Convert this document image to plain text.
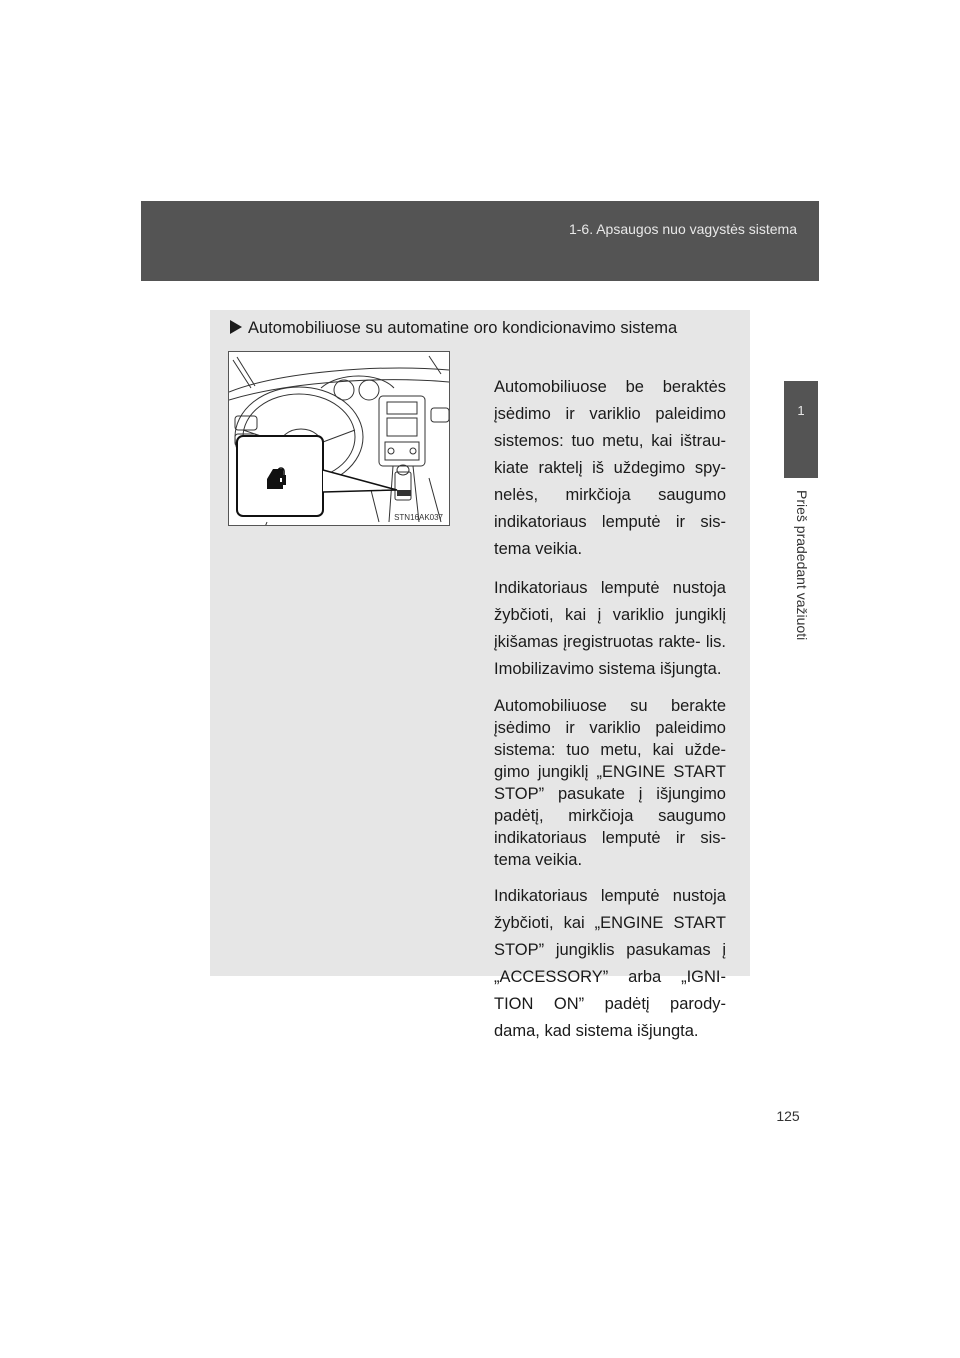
1-6. Apsaugos nuo vagystės sistema
1
Prieš pradedant važiuoti
Automobiliuose su automatine oro kondicionavimo sistema
STN16AK037

Automobiliuose be beraktės įsėdimo ir variklio paleidimo sistemos: tuo metu, kai ištrau- kiate raktelį iš uždegimo spy- nelės, mirkčioja saugumo indikatoriaus lemputė ir sis- tema veikia.

Indikatoriaus lemputė nustoja žybčioti, kai į variklio jungiklį įkišamas įregistruotas rakte- lis. Imobilizavimo sistema išjungta.

Automobiliuose su berakte įsėdimo ir variklio paleidimo sistema: tuo metu, kai užde- gimo jungiklį „ENGINE START STOP” pasukate į išjungimo padėtį, mirkčioja saugumo indikatoriaus lemputė ir sis- tema veikia.

Indikatoriaus lemputė nustoja žybčioti, kai „ENGINE START STOP” jungiklis pasukamas į „ACCESSORY” arba „IGNI- TION ON” padėtį parody- dama, kad sistema išjungta.

125
